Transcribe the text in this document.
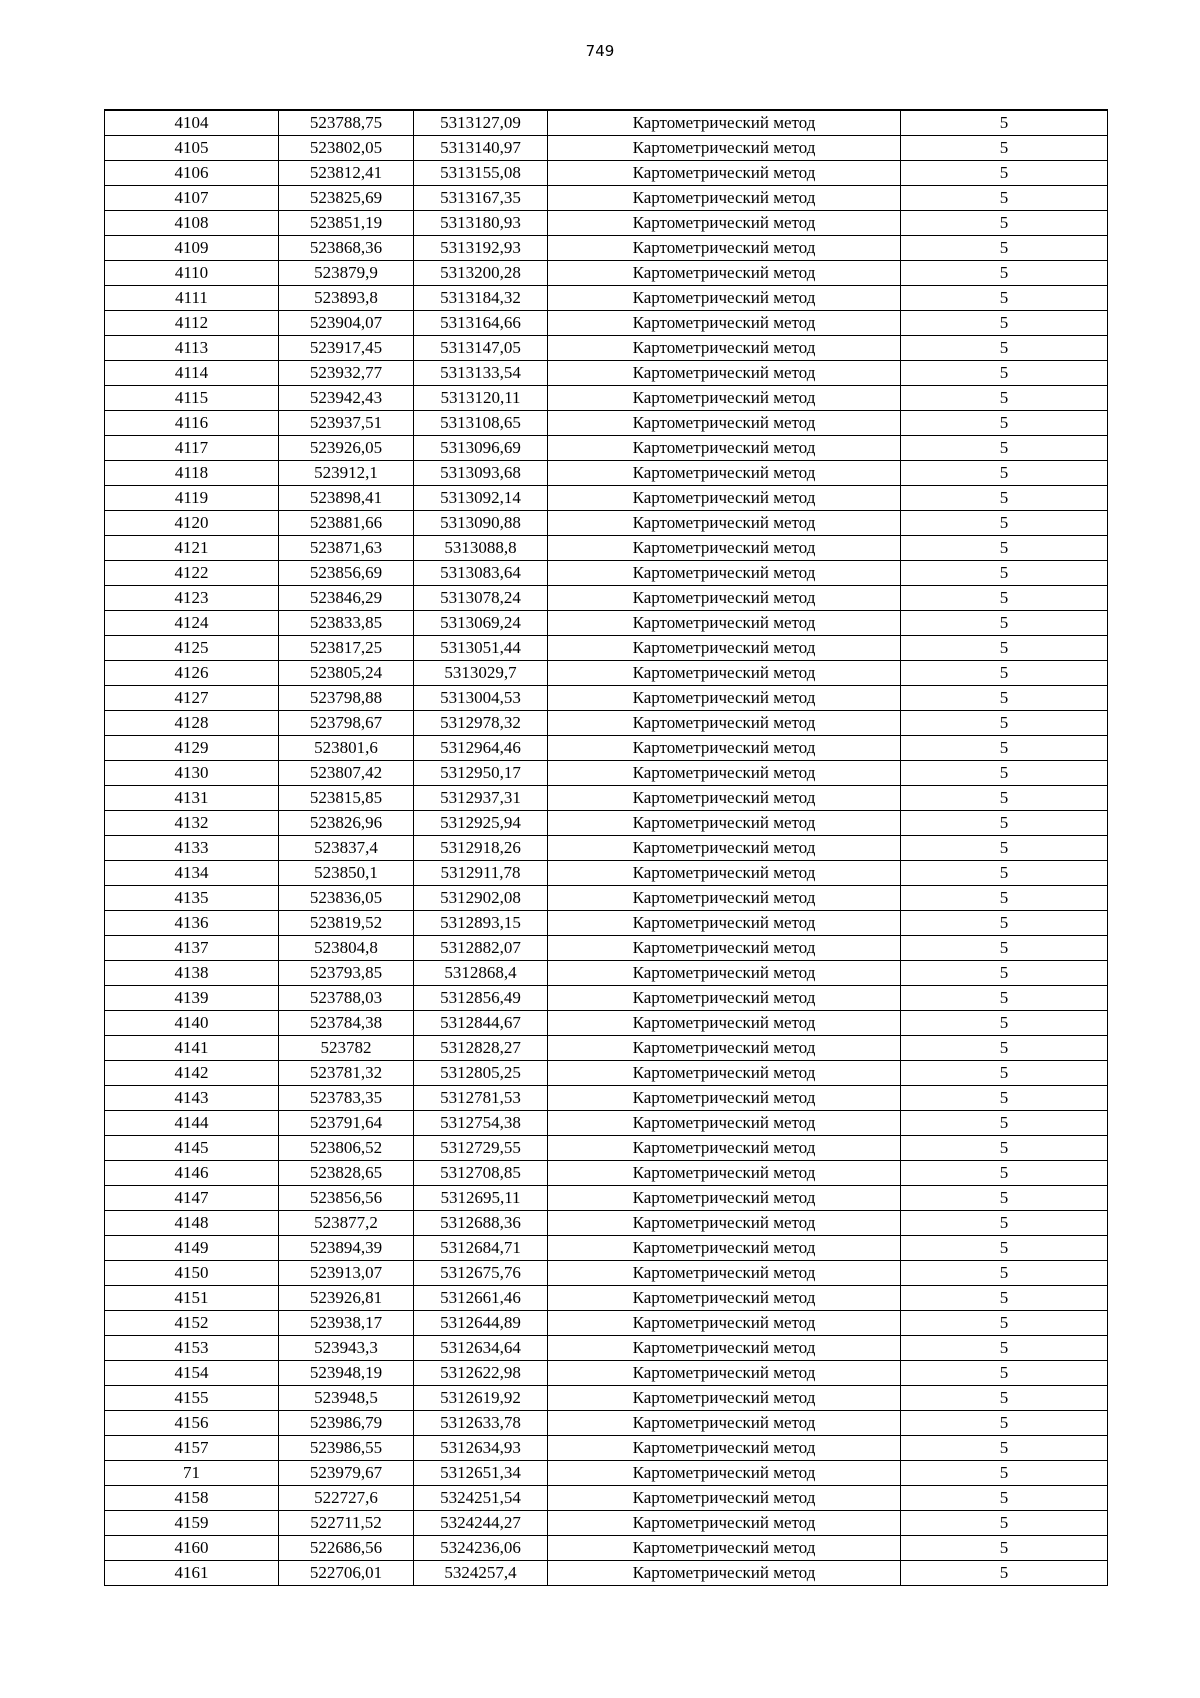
749
4104	523788,75	5313127,09	Картометрический метод	5
4105	523802,05	5313140,97	Картометрический метод	5
4106	523812,41	5313155,08	Картометрический метод	5
4107	523825,69	5313167,35	Картометрический метод	5
4108	523851,19	5313180,93	Картометрический метод	5
4109	523868,36	5313192,93	Картометрический метод	5
4110	523879,9	5313200,28	Картометрический метод	5
4111	523893,8	5313184,32	Картометрический метод	5
4112	523904,07	5313164,66	Картометрический метод	5
4113	523917,45	5313147,05	Картометрический метод	5
4114	523932,77	5313133,54	Картометрический метод	5
4115	523942,43	5313120,11	Картометрический метод	5
4116	523937,51	5313108,65	Картометрический метод	5
4117	523926,05	5313096,69	Картометрический метод	5
4118	523912,1	5313093,68	Картометрический метод	5
4119	523898,41	5313092,14	Картометрический метод	5
4120	523881,66	5313090,88	Картометрический метод	5
4121	523871,63	5313088,8	Картометрический метод	5
4122	523856,69	5313083,64	Картометрический метод	5
4123	523846,29	5313078,24	Картометрический метод	5
4124	523833,85	5313069,24	Картометрический метод	5
4125	523817,25	5313051,44	Картометрический метод	5
4126	523805,24	5313029,7	Картометрический метод	5
4127	523798,88	5313004,53	Картометрический метод	5
4128	523798,67	5312978,32	Картометрический метод	5
4129	523801,6	5312964,46	Картометрический метод	5
4130	523807,42	5312950,17	Картометрический метод	5
4131	523815,85	5312937,31	Картометрический метод	5
4132	523826,96	5312925,94	Картометрический метод	5
4133	523837,4	5312918,26	Картометрический метод	5
4134	523850,1	5312911,78	Картометрический метод	5
4135	523836,05	5312902,08	Картометрический метод	5
4136	523819,52	5312893,15	Картометрический метод	5
4137	523804,8	5312882,07	Картометрический метод	5
4138	523793,85	5312868,4	Картометрический метод	5
4139	523788,03	5312856,49	Картометрический метод	5
4140	523784,38	5312844,67	Картометрический метод	5
4141	523782	5312828,27	Картометрический метод	5
4142	523781,32	5312805,25	Картометрический метод	5
4143	523783,35	5312781,53	Картометрический метод	5
4144	523791,64	5312754,38	Картометрический метод	5
4145	523806,52	5312729,55	Картометрический метод	5
4146	523828,65	5312708,85	Картометрический метод	5
4147	523856,56	5312695,11	Картометрический метод	5
4148	523877,2	5312688,36	Картометрический метод	5
4149	523894,39	5312684,71	Картометрический метод	5
4150	523913,07	5312675,76	Картометрический метод	5
4151	523926,81	5312661,46	Картометрический метод	5
4152	523938,17	5312644,89	Картометрический метод	5
4153	523943,3	5312634,64	Картометрический метод	5
4154	523948,19	5312622,98	Картометрический метод	5
4155	523948,5	5312619,92	Картометрический метод	5
4156	523986,79	5312633,78	Картометрический метод	5
4157	523986,55	5312634,93	Картометрический метод	5
71	523979,67	5312651,34	Картометрический метод	5
4158	522727,6	5324251,54	Картометрический метод	5
4159	522711,52	5324244,27	Картометрический метод	5
4160	522686,56	5324236,06	Картометрический метод	5
4161	522706,01	5324257,4	Картометрический метод	5
